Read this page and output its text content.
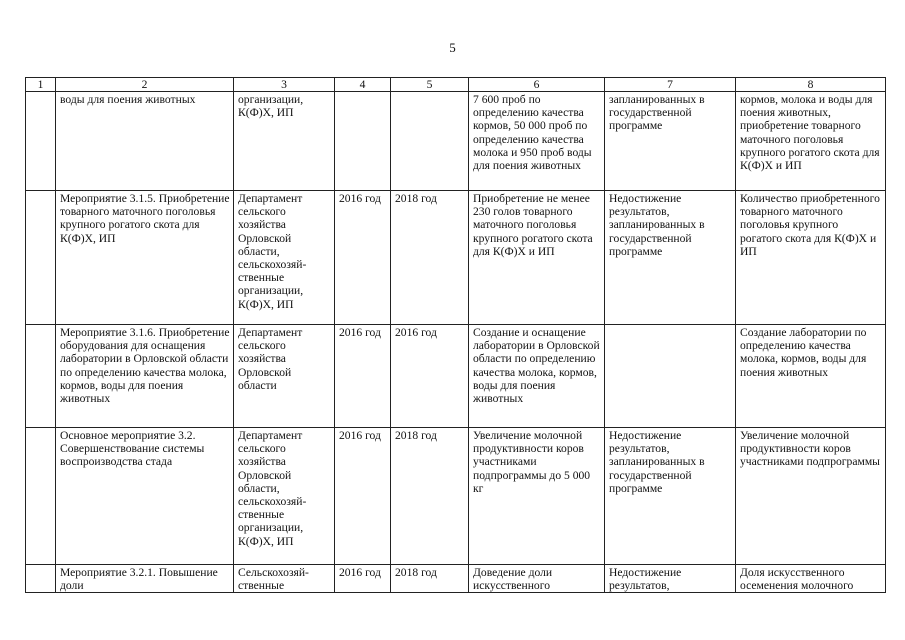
5
1	2	3	4	5	6	7	8
	воды для поения животных	организации, К(Ф)Х, ИП			7 600 проб по определению качества кормов, 50 000 проб по определению качества молока и 950 проб воды для поения животных	запланированных в государственной программе	кормов, молока и воды для поения животных, приобретение товарного маточного поголовья крупного рогатого скота для К(Ф)Х и ИП
	Мероприятие 3.1.5. Приобретение товарного маточного поголовья крупного рогатого скота для К(Ф)Х, ИП	Департамент сельского хозяйства Орловской области, сельскохозяй-ственные организации, К(Ф)Х, ИП	2016 год	2018 год	Приобретение не менее 230 голов товарного маточного поголовья крупного рогатого скота для К(Ф)Х и ИП	Недостижение результатов, запланированных в государственной программе	Количество приобретенного товарного маточного поголовья крупного рогатого скота для К(Ф)Х и ИП
	Мероприятие 3.1.6. Приобретение оборудования для оснащения лаборатории в Орловской области по определению качества молока, кормов, воды для поения животных	Департамент сельского хозяйства Орловской области	2016 год	2016 год	Создание и оснащение лаборатории в Орловской области по определению качества молока, кормов, воды для поения животных		Создание лаборатории по определению качества молока, кормов, воды для поения животных
	Основное мероприятие 3.2. Совершенствование системы воспроизводства стада	Департамент сельского хозяйства Орловской области, сельскохозяй-ственные организации, К(Ф)Х, ИП	2016 год	2018 год	Увеличение молочной продуктивности коров участниками подпрограммы до 5 000 кг	Недостижение результатов, запланированных в государственной программе	Увеличение молочной продуктивности коров участниками подпрограммы
	Мероприятие 3.2.1. Повышение доли	Сельскохозяй-ственные	2016 год	2018 год	Доведение доли искусственного	Недостижение результатов,	Доля искусственного осеменения молочного
